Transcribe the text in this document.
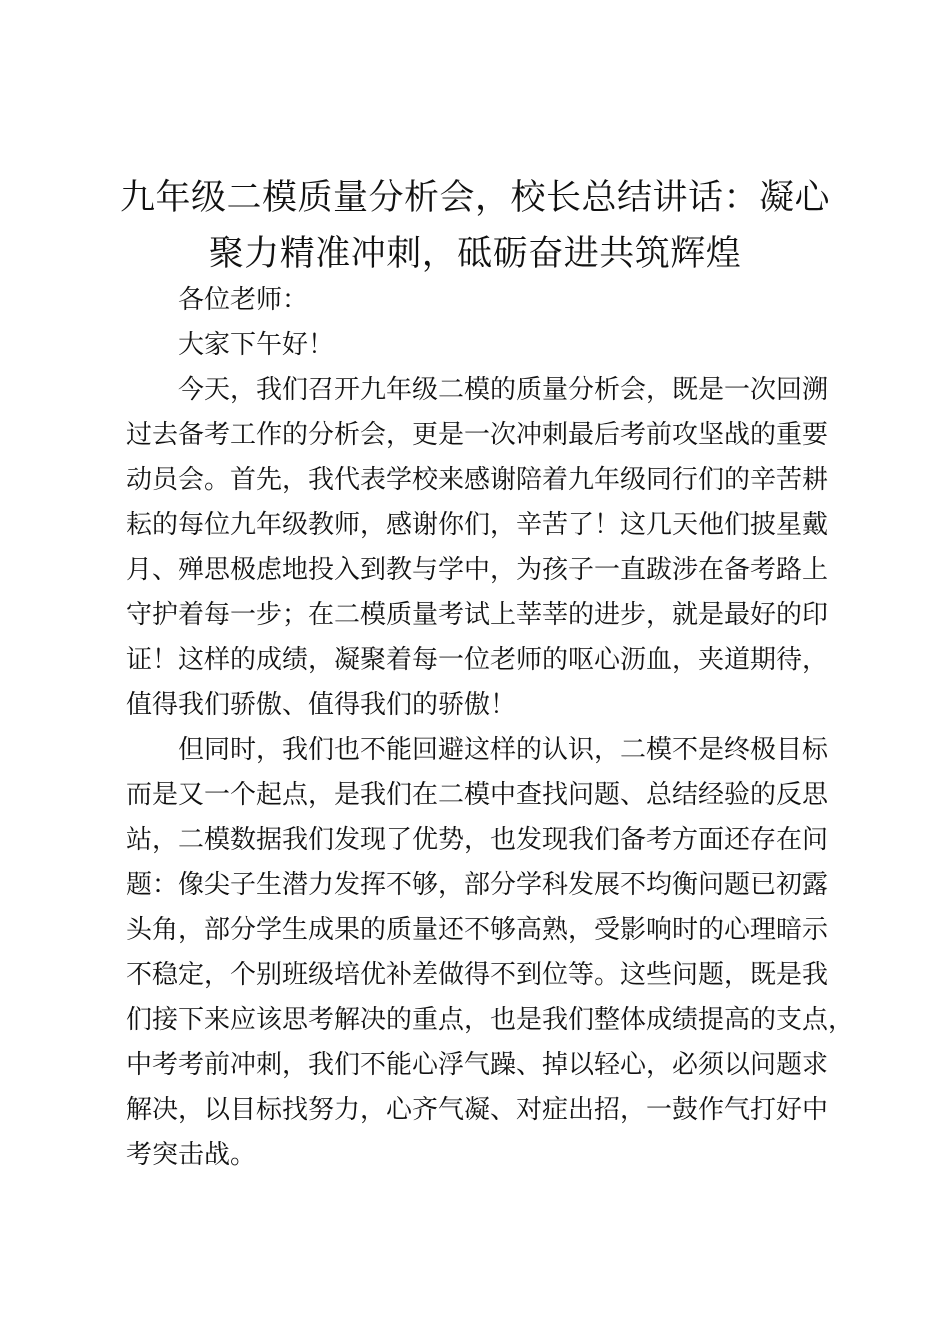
九年级二模质量分析会，校长总结讲话：凝心
聚力精准冲刺，砥砺奋进共筑辉煌
各位老师：
大家下午好！
今天，我们召开九年级二模的质量分析会，既是一次回溯
过去备考工作的分析会，更是一次冲刺最后考前攻坚战的重要
动员会。首先，我代表学校来感谢陪着九年级同行们的辛苦耕
耘的每位九年级教师，感谢你们，辛苦了！这几天他们披星戴
月、殚思极虑地投入到教与学中，为孩子一直跋涉在备考路上
守护着每一步；在二模质量考试上莘莘的进步，就是最好的印
证！这样的成绩，凝聚着每一位老师的呕心沥血，夹道期待，
值得我们骄傲、值得我们的骄傲！
但同时，我们也不能回避这样的认识，二模不是终极目标
而是又一个起点，是我们在二模中查找问题、总结经验的反思
站，二模数据我们发现了优势，也发现我们备考方面还存在问
题：像尖子生潜力发挥不够，部分学科发展不均衡问题已初露
头角，部分学生成果的质量还不够高熟，受影响时的心理暗示
不稳定，个别班级培优补差做得不到位等。这些问题，既是我
们接下来应该思考解决的重点，也是我们整体成绩提高的支点，
中考考前冲刺，我们不能心浮气躁、掉以轻心，必须以问题求
解决，以目标找努力，心齐气凝、对症出招，一鼓作气打好中
考突击战。
